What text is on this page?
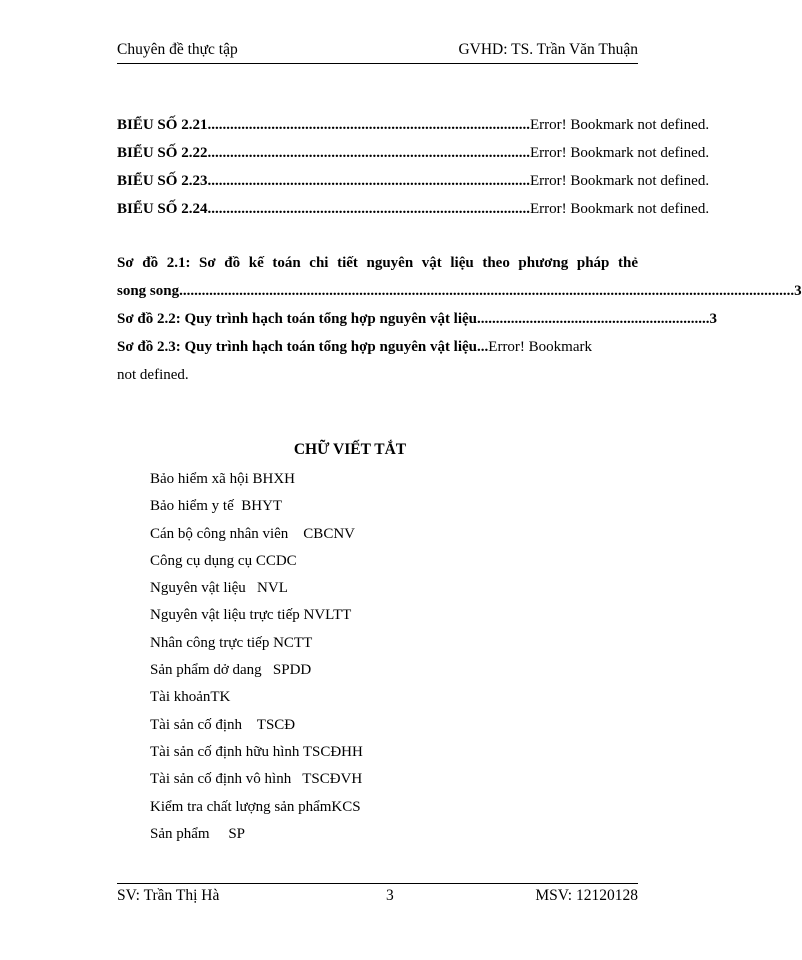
Chuyên đề thực tập	GVHD: TS. Trần Văn Thuận
BIỂU SỐ 2.21 ...................................................................................... Error! Bookmark not defined.
BIỂU SỐ 2.22 ...................................................................................... Error! Bookmark not defined.
BIỂU SỐ 2.23 ...................................................................................... Error! Bookmark not defined.
BIỂU SỐ 2.24 ...................................................................................... Error! Bookmark not defined.
Sơ đồ 2.1: Sơ đồ kế toán chi tiết nguyên vật liệu theo phương pháp thẻ
song song .................................................................................................................................................................... 3
Sơ đồ 2.2: Quy trình hạch toán tổng hợp nguyên vật liệu .............................................................. 3
Sơ đồ 2.3: Quy trình hạch toán tổng hợp nguyên vật liệu...Error! Bookmark
not defined.
CHỮ VIẾT TẮT
Bảo hiểm xã hội BHXH
Bảo hiểm y tế  BHYT
Cán bộ công nhân viên    CBCNV
Công cụ dụng cụ CCDC
Nguyên vật liệu   NVL
Nguyên vật liệu trực tiếp NVLTT
Nhân công trực tiếp NCTT
Sản phẩm dở dang   SPDD
Tài khoảnTK
Tài sản cố định    TSCĐ
Tài sản cố định hữu hình TSCĐHH
Tài sản cố định vô hình   TSCĐVH
Kiểm tra chất lượng sản phẩmKCS
Sản phẩm     SP
SV: Trần Thị Hà	3	MSV: 12120128
